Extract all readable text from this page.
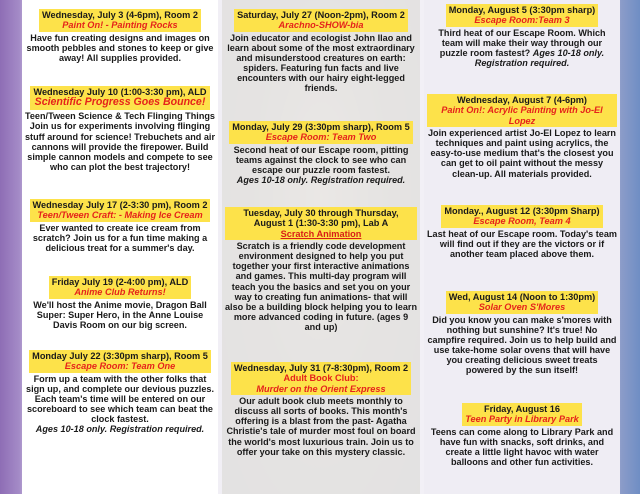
Wednesday, July 3 (4-6pm), Room 2
Paint On! - Painting Rocks
Have fun creating designs and images on smooth pebbles and stones to keep or give away! All supplies provided.
Wednesday July 10 (1:00-3:30 pm), ALD
Scientific Progress Goes Bounce!
Teen/Tween Science & Tech Flinging Things Join us for experiments involving flinging stuff around for science! Trebuchets and air cannons will provide the firepower. Build simple cannon models and compete to see who can plot the best trajectory!
Wednesday July 17 (2-3:30 pm), Room 2
Teen/Tween Craft: - Making Ice Cream
Ever wanted to create ice cream from scratch? Join us for a fun time making a delicious treat for a summer's day.
Friday July 19 (2-4:00 pm), ALD
Anime Club Returns!
We'll host the Anime movie, Dragon Ball Super: Super Hero, in the Anne Louise Davis Room on our big screen.
Monday July 22 (3:30pm sharp), Room 5
Escape Room: Team One
Form up a team with the other folks that sign up, and complete our devious puzzles. Each team's time will be entered on our scoreboard to see which team can beat the clock fastest.
Ages 10-18 only. Registration required.
Saturday, July 27 (Noon-2pm), Room 2
Arachno-SHOW-bia
Join educator and ecologist John Ilao and learn about some of the most extraordinary and misunderstood creatures on earth: spiders. Featuring fun facts and live encounters with our hairy eight-legged friends.
Monday, July 29 (3:30pm sharp), Room 5
Escape Room: Team Two
Second heat of our Escape room, pitting teams against the clock to see who can escape our puzzle room fastest.
Ages 10-18 only. Registration required.
Tuesday, July 30 through Thursday, August 1 (1:30-3:30 pm), Lab A
Scratch Animation
Scratch is a friendly code development environment designed to help you put together your first interactive animations and games. This multi-day program will teach you the basics and set you on your way to creating fun animations- that will also be a building block helping you to learn more advanced coding in future. (ages 9 and up)
Wednesday, July 31 (7-8:30pm), Room 2
Adult Book Club:
Murder on the Orient Express
Our adult book club meets monthly to discuss all sorts of books. This month's offering is a blast from the past- Agatha Christie's tale of murder most foul on board the world's most luxurious train. Join us to offer your take on this mystery classic.
Monday, August 5 (3:30pm sharp)
Escape Room:Team 3
Third heat of our Escape Room. Which team will make their way through our puzzle room fastest? Ages 10-18 only. Registration required.
Wednesday, August 7 (4-6pm)
Paint On!: Acrylic Painting with Jo-El Lopez
Join experienced artist Jo-El Lopez to learn techniques and paint using acrylics, the easy-to-use medium that's the closest you can get to oil paint without the messy clean-up. All materials provided.
Monday., August 12 (3:30pm Sharp)
Escape Room, Team 4
Last heat of our Escape room. Today's team will find out if they are the victors or if another team placed above them.
Wed, August 14 (Noon to 1:30pm)
Solar Oven S'Mores
Did you know you can make s'mores with nothing but sunshine? It's true! No campfire required. Join us to help build and use take-home solar ovens that will have you creating delicious sweet treats powered by the sun itself!
Friday, August 16
Teen Party in Library Park
Teens can come along to Library Park and have fun with snacks, soft drinks, and create a little light havoc with water balloons and other fun activities.
